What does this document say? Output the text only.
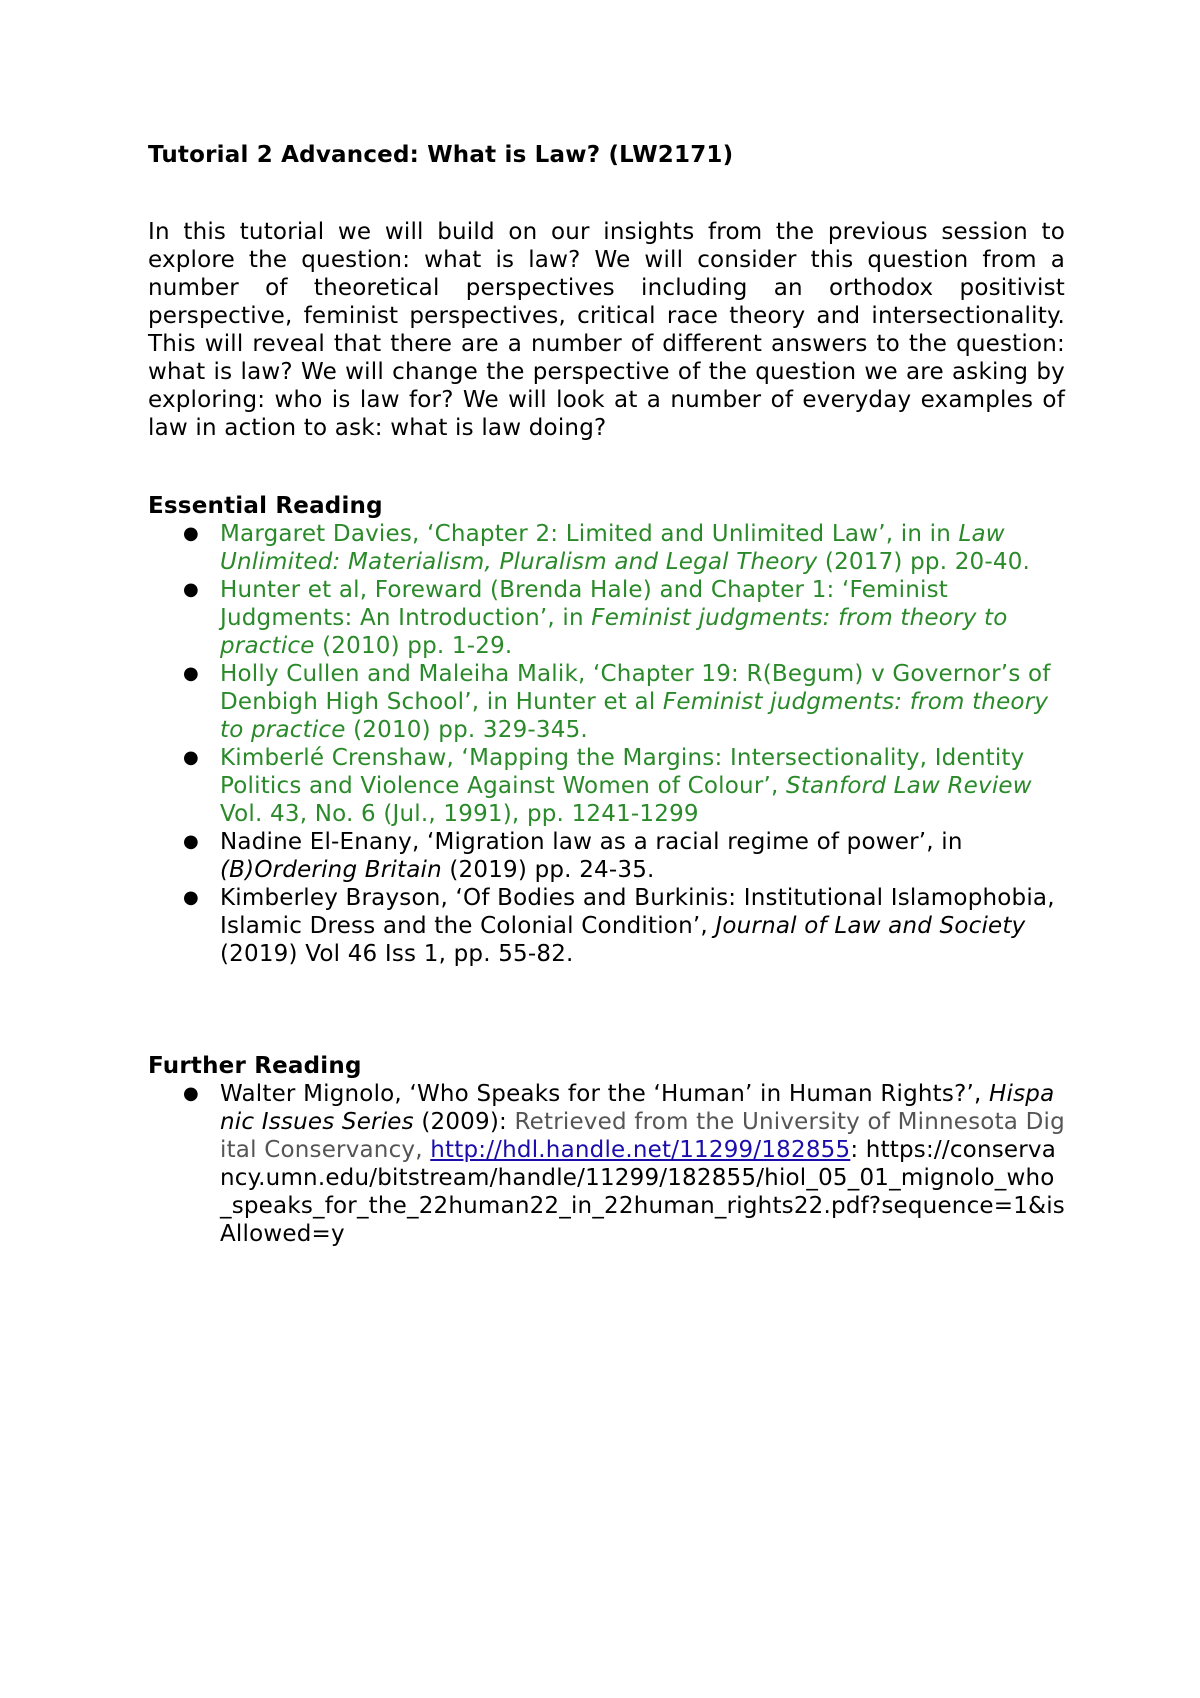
Tutorial 2 Advanced: What is Law? (LW2171)

In this tutorial we will build on our insights from the previous session to explore the question: what is law? We will consider this question from a number of theoretical perspectives including an orthodox positivist perspective, feminist perspectives, critical race theory and intersectionality. This will reveal that there are a number of different answers to the question: what is law? We will change the perspective of the question we are asking by exploring: who is law for? We will look at a number of everyday examples of law in action to ask: what is law doing?

Essential Reading
● Margaret Davies, ‘Chapter 2: Limited and Unlimited Law’, in in Law Unlimited: Materialism, Pluralism and Legal Theory (2017) pp. 20-40.
● Hunter et al, Foreward (Brenda Hale) and Chapter 1: ‘Feminist Judgments: An Introduction’, in Feminist judgments: from theory to practice (2010) pp. 1-29.
● Holly Cullen and Maleiha Malik, ‘Chapter 19: R(Begum) v Governor’s of Denbigh High School’, in Hunter et al Feminist judgments: from theory to practice (2010) pp. 329-345.
● Kimberlé Crenshaw, ‘Mapping the Margins: Intersectionality, Identity Politics and Violence Against Women of Colour’, Stanford Law Review Vol. 43, No. 6 (Jul., 1991), pp. 1241-1299
● Nadine El-Enany, ‘Migration law as a racial regime of power’, in (B)Ordering Britain (2019) pp. 24-35.
● Kimberley Brayson, ‘Of Bodies and Burkinis: Institutional Islamophobia, Islamic Dress and the Colonial Condition’, Journal of Law and Society (2019) Vol 46 Iss 1, pp. 55-82.
Further Reading
● Walter Mignolo, ‘Who Speaks for the ‘Human’ in Human Rights?’, Hispanic Issues Series (2009): Retrieved from the University of Minnesota Digital Conservancy, http://hdl.handle.net/11299/182855: https://conservancy.umn.edu/bitstream/handle/11299/182855/hiol_05_01_mignolo_who_speaks_for_the_22human22_in_22human_rights22.pdf?sequence=1&isAllowed=y
